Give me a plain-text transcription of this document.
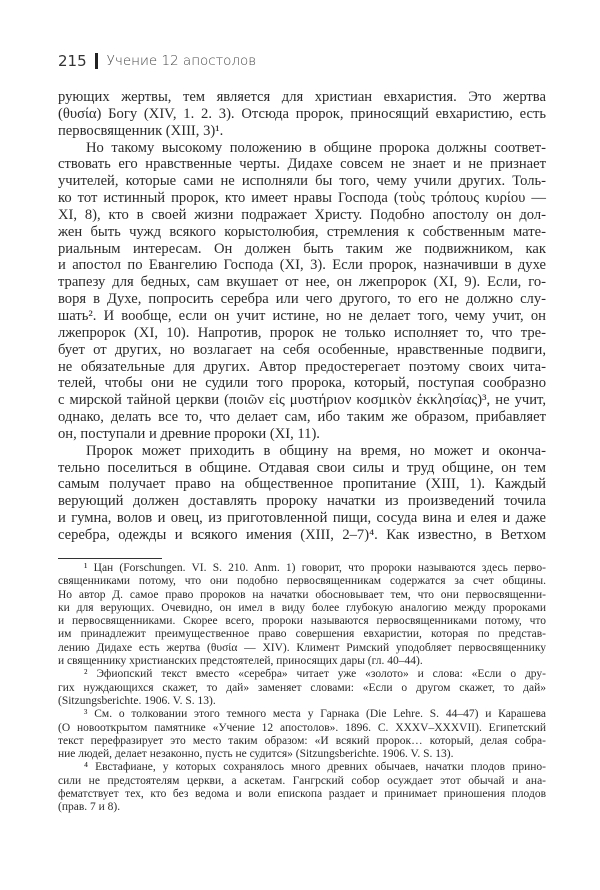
215 Учение 12 апостолов
рующих жертвы, тем является для христиан евхаристия. Это жертва
(θυσία) Богу (XIV, 1. 2. 3). Отсюда пророк, приносящий евхаристию, есть
первосвященник (XIII, 3)¹.
Но такому высокому положению в общине пророка должны соответ-
ствовать его нравственные черты. Дидахе совсем не знает и не признает
учителей, которые сами не исполняли бы того, чему учили других. Толь-
ко тот истинный пророк, кто имеет нравы Господа (τοὺς τρόπους κυρίου —
XI, 8), кто в своей жизни подражает Христу. Подобно апостолу он дол-
жен быть чужд всякого корыстолюбия, стремления к собственным мате-
риальным интересам. Он должен быть таким же подвижником, как
и апостол по Евангелию Господа (XI, 3). Если пророк, назначивши в духе
трапезу для бедных, сам вкушает от нее, он лжепророк (XI, 9). Если, го-
воря в Духе, попросить серебра или чего другого, то его не должно слу-
шать². И вообще, если он учит истине, но не делает того, чему учит, он
лжепророк (XI, 10). Напротив, пророк не только исполняет то, что тре-
бует от других, но возлагает на себя особенные, нравственные подвиги,
не обязательные для других. Автор предостерегает поэтому своих чита-
телей, чтобы они не судили того пророка, который, поступая сообразно
с мирской тайной церкви (ποιῶν εἰς μυστήριον κοσμικὸν ἐκκλησίας)³, не учит,
однако, делать все то, что делает сам, ибо таким же образом, прибавляет
он, поступали и древние пророки (XI, 11).
Пророк может приходить в общину на время, но может и оконча-
тельно поселиться в общине. Отдавая свои силы и труд общине, он тем
самым получает право на общественное пропитание (XIII, 1). Каждый
верующий должен доставлять пророку начатки из произведений точила
и гумна, волов и овец, из приготовленной пищи, сосуда вина и елея и даже
серебра, одежды и всякого имения (XIII, 2–7)⁴. Как известно, в Ветхом
¹ Цан (Forschungen. VI. S. 210. Anm. 1) говорит, что пророки называются здесь перво-
священниками потому, что они подобно первосвященникам содержатся за счет общины.
Но автор Д. самое право пророков на начатки обосновывает тем, что они первосвященни-
ки для верующих. Очевидно, он имел в виду более глубокую аналогию между пророками
и первосвященниками. Скорее всего, пророки называются первосвященниками потому, что
им принадлежит преимущественное право совершения евхаристии, которая по представ-
лению Дидахе есть жертва (θυσία — XIV). Климент Римский уподобляет первосвященнику
и священнику христианских предстоятелей, приносящих дары (гл. 40–44).
² Эфиопский текст вместо «серебра» читает уже «золото» и слова: «Если о дру-
гих нуждающихся скажет, то дай» заменяет словами: «Если о другом скажет, то дай»
(Sitzungsberichte. 1906. V. S. 13).
³ См. о толковании этого темного места у Гарнака (Die Lehre. S. 44–47) и Карашева
(О новооткрытом памятнике «Учение 12 апостолов». 1896. С. XXXV–XXXVII). Египетский
текст перефразирует это место таким образом: «И всякий пророк… который, делая собра-
ние людей, делает незаконно, пусть не судится» (Sitzungsberichte. 1906. V. S. 13).
⁴ Евстафиане, у которых сохранялось много древних обычаев, начатки плодов прино-
сили не предстоятелям церкви, а аскетам. Гангрский собор осуждает этот обычай и ана-
фематствует тех, кто без ведома и воли епископа раздает и принимает приношения плодов
(прав. 7 и 8).
